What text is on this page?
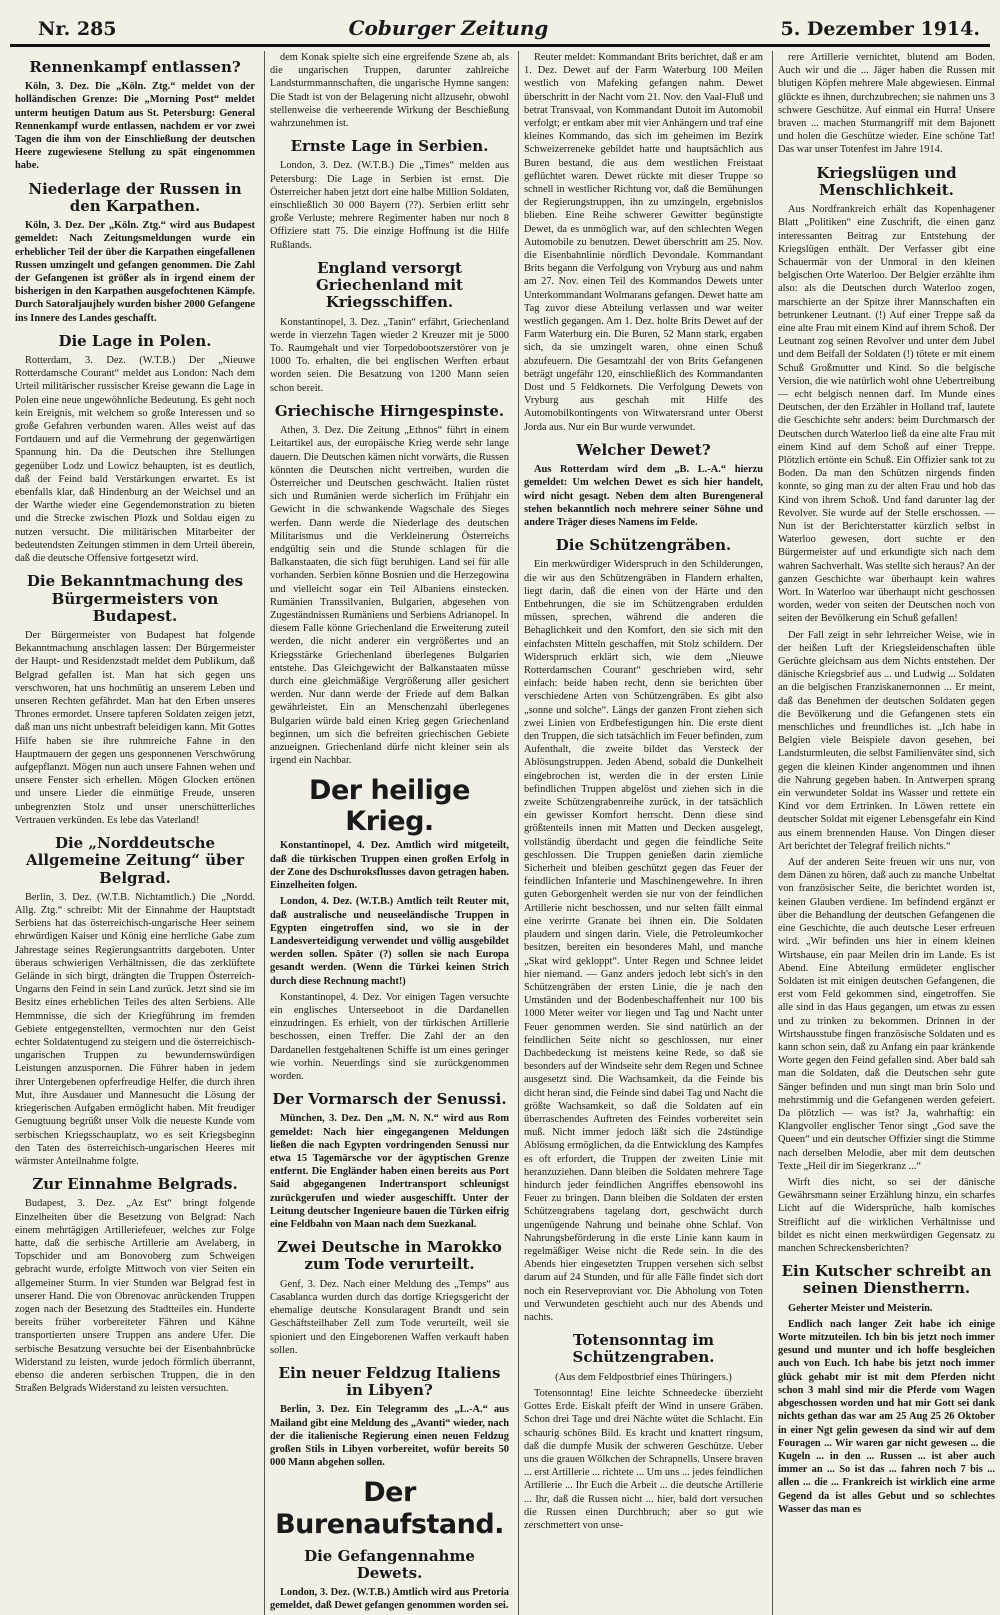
Nr. 285	Coburger Zeitung	5. Dezember 1914.
Rennenkampf entlassen?

Köln, 3. Dez. Die „Köln. Ztg.“ meldet von der holländischen Grenze: Die „Morning Post“ meldet unterm heutigen Datum aus St. Petersburg: General Rennenkampf wurde entlassen, nachdem er vor zwei Tagen die ihm von der Einschließung der deutschen Heere zugewiesene Stellung zu spät eingenommen habe.

Niederlage der Russen in den Karpathen.

Köln, 3. Dez. Der „Köln. Ztg.“ wird aus Budapest gemeldet: Nach Zeitungsmeldungen wurde ein erheblicher Teil der über die Karpathen eingefallenen Russen umzingelt und gefangen genommen. Die Zahl der Gefangenen ist größer als in irgend einem der bisherigen in den Karpathen ausgefochtenen Kämpfe. Durch Satoraljaujhely wurden bisher 2000 Gefangene ins Innere des Landes geschafft.

Die Lage in Polen.

Rotterdam, 3. Dez. (W.T.B.) Der „Nieuwe Rotterdamsche Courant“ meldet aus London: Nach dem Urteil militärischer russischer Kreise gewann die Lage in Polen eine neue ungewöhnliche Bedeutung. Es geht noch kein Ereignis, mit welchem so große Interessen und so große Gefahren verbunden waren. Alles weist auf das Fortdauern und auf die Vermehrung der gegenwärtigen Spannung hin. Da die Deutschen ihre Stellungen gegenüber Lodz und Lowicz behaupten, ist es deutlich, daß der Feind bald Verstärkungen erwartet. Es ist ebenfalls klar, daß Hindenburg an der Weichsel und an der Warthe wieder eine Gegendemonstration zu bieten und die Strecke zwischen Plozk und Soldau eigen zu nutzen versucht. Die militärischen Mitarbeiter der bedeutendsten Zeitungen stimmen in dem Urteil überein, daß die deutsche Offensive fortgesetzt wird.

Die Bekanntmachung des Bürgermeisters von Budapest.

Der Bürgermeister von Budapest hat folgende Bekanntmachung anschlagen lassen: Der Bürgermeister der Haupt- und Residenzstadt meldet dem Publikum, daß Belgrad gefallen ist. Man hat sich gegen uns verschworen, hat uns hochmütig an unserem Leben und unseren Rechten gefährdet. Man hat den Erben unseres Thrones ermordet. Unsere tapferen Soldaten zeigen jetzt, daß man uns nicht unbestraft beleidigen kann. Mit Gottes Hilfe haben sie ihre ruhmreiche Fahne in den Hauptmauern der gegen uns gesponnenen Verschwörung aufgepflanzt. Mögen nun auch unsere Fahnen wehen und unsere Fenster sich erhellen. Mögen Glocken ertönen und unsere Lieder die einmütige Freude, unseren unbegrenzten Stolz und unser unerschütterliches Vertrauen verkünden. Es lebe das Vaterland!

Die „Norddeutsche Allgemeine Zeitung“ über Belgrad.

Berlin, 3. Dez. (W.T.B. Nichtamtlich.) Die „Nordd. Allg. Ztg.“ schreibt: Mit der Einnahme der Hauptstadt Serbiens hat das österreichisch-ungarische Heer seinem ehrwürdigen Kaiser und König eine herrliche Gabe zum Jahrestage seines Regierungsantritts dargeboten. Unter überaus schwierigen Verhältnissen, die das zerklüftete Gelände in sich birgt, drängten die Truppen Österreich-Ungarns den Feind in sein Land zurück. Jetzt sind sie im Besitz eines erheblichen Teiles des alten Serbiens. Alle Hemmnisse, die sich der Kriegführung im fremden Gebiete entgegenstellten, vermochten nur den Geist echter Soldatentugend zu steigern und die österreichisch-ungarischen Truppen zu bewundernswürdigen Leistungen anzuspornen. Die Führer haben in jedem ihrer Untergebenen opferfreudige Helfer, die durch ihren Mut, ihre Ausdauer und Mannesucht die Lösung der kriegerischen Aufgaben ermöglicht haben. Mit freudiger Genugtuung begrüßt unser Volk die neueste Kunde vom serbischen Kriegsschauplatz, wo es seit Kriegsbeginn den Taten des österreichisch-ungarischen Heeres mit wärmster Anteilnahme folgte.

Zur Einnahme Belgrads.

Budapest, 3. Dez. „Az Est“ bringt folgende Einzelheiten über die Besetzung von Belgrad: Nach einem mehrtägigen Artilleriefeuer, welches zur Folge hatte, daß die serbische Artillerie am Avelaberg, in Topschider und am Bonovoberg zum Schweigen gebracht wurde, erfolgte Mittwoch von vier Seiten ein allgemeiner Sturm. In vier Stunden war Belgrad fest in unserer Hand. Die von Obrenovac anrückenden Truppen zogen nach der Besetzung des Stadtteiles ein. Hunderte bereits früher vorbereiteter Fähren und Kähne transportierten unsere Truppen ans andere Ufer. Die serbische Besatzung versuchte bei der Eisenbahnbrücke Widerstand zu leisten, wurde jedoch förmlich überrannt, ebenso die anderen serbischen Truppen, die in den Straßen Belgrads Widerstand zu leisten versuchten.

dem Konak spielte sich eine ergreifende Szene ab, als die ungarischen Truppen, darunter zahlreiche Landsturmmannschaften, die ungarische Hymne sangen: Die Stadt ist von der Belagerung nicht allzusehr, obwohl stellenweise die verheerende Wirkung der Beschießung wahrzunehmen ist.

Ernste Lage in Serbien.

London, 3. Dez. (W.T.B.) Die „Times“ melden aus Petersburg: Die Lage in Serbien ist ernst. Die Österreicher haben jetzt dort eine halbe Million Soldaten, einschließlich 30 000 Bayern (??). Serbien erlitt sehr große Verluste; mehrere Regimenter haben nur noch 8 Offiziere statt 75. Die einzige Hoffnung ist die Hilfe Rußlands.

England versorgt Griechenland mit Kriegsschiffen.

Konstantinopel, 3. Dez. „Tanin“ erfährt, Griechenland werde in vierzehn Tagen wieder 2 Kreuzer mit je 5000 To. Raumgehalt und vier Torpedobootszerstörer von je 1000 To. erhalten, die bei englischen Werften erbaut worden seien. Die Besatzung von 1200 Mann seien schon bereit.

Griechische Hirngespinste.

Athen, 3. Dez. Die Zeitung „Ethnos“ führt in einem Leitartikel aus, der europäische Krieg werde sehr lange dauern. Die Deutschen kämen nicht vorwärts, die Russen könnten die Deutschen nicht vertreiben, wurden die Österreicher und Deutschen geschwächt. Italien rüstet sich und Rumänien werde sicherlich im Frühjahr ein Gewicht in die schwankende Wagschale des Sieges werfen. Dann werde die Niederlage des deutschen Militarismus und die Verkleinerung Österreichs endgültig sein und die Stunde schlagen für die Balkanstaaten, die sich fügt beruhigen. Land sei für alle vorhanden. Serbien könne Bosnien und die Herzegowina und vielleicht sogar ein Teil Albaniens einstecken. Rumänien Transsilvanien, Bulgarien, abgesehen von Zugeständnissen Rumäniens und Serbiens Adrianopel. In diesem Falle könne Griechenland die Erweiterung zuteil werden, die nicht anderer ein vergrößertes und an Kriegsstärke Griechenland überlegenes Bulgarien entstehe. Das Gleichgewicht der Balkanstaaten müsse durch eine gleichmäßige Vergrößerung aller gesichert werden. Nur dann werde der Friede auf dem Balkan gewährleistet. Ein an Menschenzahl überlegenes Bulgarien würde bald einen Krieg gegen Griechenland beginnen, um sich die befreiten griechischen Gebiete anzueignen. Griechenland dürfe nicht kleiner sein als irgend ein Nachbar.

Der heilige Krieg.

Konstantinopel, 4. Dez. Amtlich wird mitgeteilt, daß die türkischen Truppen einen großen Erfolg in der Zone des Dschuroksflusses davon getragen haben. Einzelheiten folgen.

London, 4. Dez. (W.T.B.) Amtlich teilt Reuter mit, daß australische und neuseeländische Truppen in Egypten eingetroffen sind, wo sie in der Landesverteidigung verwendet und völlig ausgebildet werden sollen. Später (?) sollen sie nach Europa gesandt werden. (Wenn die Türkei keinen Strich durch diese Rechnung macht!)

Konstantinopel, 4. Dez. Vor einigen Tagen versuchte ein englisches Unterseeboot in die Dardanellen einzudringen. Es erhielt, von der türkischen Artillerie beschossen, einen Treffer. Die Zahl der an den Dardanellen festgehaltenen Schiffe ist um eines geringer wie vorhin. Neuerdings sind sie zurückgenommen worden.

Der Vormarsch der Senussi.

München, 3. Dez. Den „M. N. N.“ wird aus Rom gemeldet: Nach hier eingegangenen Meldungen ließen die nach Egypten vordringenden Senussi nur etwa 15 Tagemärsche vor der ägyptischen Grenze entfernt. Die Engländer haben einen bereits aus Port Said abgegangenen Indertransport schleunigst zurückgerufen und wieder ausgeschifft. Unter der Leitung deutscher Ingenieure bauen die Türken eifrig eine Feldbahn von Maan nach dem Suezkanal.

Zwei Deutsche in Marokko zum Tode verurteilt.

Genf, 3. Dez. Nach einer Meldung des „Temps“ aus Casablanca wurden durch das dortige Kriegsgericht der ehemalige deutsche Konsularagent Brandt und sein Geschäftsteilhaber Zell zum Tode verurteilt, weil sie spioniert und den Eingeborenen Waffen verkauft haben sollen.

Ein neuer Feldzug Italiens in Libyen?

Berlin, 3. Dez. Ein Telegramm des „L.-A.“ aus Mailand gibt eine Meldung des „Avanti“ wieder, nach der die italienische Regierung einen neuen Feldzug großen Stils in Libyen vorbereitet, wofür bereits 50 000 Mann abgehen sollen.

Der Burenaufstand.
Die Gefangennahme Dewets.

London, 3. Dez. (W.T.B.) Amtlich wird aus Pretoria gemeldet, daß Dewet gefangen genommen worden sei.

Reuter meldet: Kommandant Brits berichtet, daß er am 1. Dez. Dewet auf der Farm Waterburg 100 Meilen westlich von Mafeking gefangen nahm. Dewet überschritt in der Nacht vom 21. Nov. den Vaal-Fluß und betrat Transvaal, von Kommandant Dutoit im Automobil verfolgt; er entkam aber mit vier Anhängern und traf eine kleines Kommando, das sich im geheimen im Bezirk Schweizerreneke gebildet hatte und hauptsächlich aus Buren bestand, die aus dem westlichen Freistaat geflüchtet waren. Dewet rückte mit dieser Truppe so schnell in westlicher Richtung vor, daß die Bemühungen der Regierungstruppen, ihn zu umzingeln, ergebnislos blieben. Eine Reihe schwerer Gewitter begünstigte Dewet, da es unmöglich war, auf den schlechten Wegen Automobile zu benutzen. Dewet überschritt am 25. Nov. die Eisenbahnlinie nördlich Devondale. Kommandant Brits begann die Verfolgung von Vryburg aus und nahm am 27. Nov. einen Teil des Kommandos Dewets unter Unterkommandant Wolmarans gefangen. Dewet hatte am Tag zuvor diese Abteilung verlassen und war weiter westlich gegangen. Am 1. Dez. holte Brits Dewet auf der Farm Waterburg ein. Die Buren, 52 Mann stark, ergaben sich, da sie umzingelt waren, ohne einen Schuß abzufeuern. Die Gesamtzahl der von Brits Gefangenen beträgt ungefähr 120, einschließlich des Kommandanten Dost und 5 Feldkornets. Die Verfolgung Dewets von Vryburg aus geschah mit Hilfe des Automobilkontingents von Witwatersrand unter Oberst Jorda aus. Nur ein Bur wurde verwundet.

Welcher Dewet?

Aus Rotterdam wird dem „B. L.-A.“ hierzu gemeldet: Um welchen Dewet es sich hier handelt, wird nicht gesagt. Neben dem alten Burengeneral stehen bekanntlich noch mehrere seiner Söhne und andere Träger dieses Namens im Felde.

Die Schützengräben.

Ein merkwürdiger Widerspruch in den Schilderungen, die wir aus den Schützengräben in Flandern erhalten, liegt darin, daß die einen von der Härte und den Entbehrungen, die sie im Schützengraben erdulden müssen, sprechen, während die anderen die Behaglichkeit und den Komfort, den sie sich mit den einfachsten Mitteln geschaffen, mit Stolz schildern. Der Widerspruch erklärt sich, wie dem „Nieuwe Rotterdamschen Courant“ geschrieben wird, sehr einfach: beide haben recht, denn sie berichten über verschiedene Arten von Schützengräben. Es gibt also „sonne und solche“. Längs der ganzen Front ziehen sich zwei Linien von Erdbefestigungen hin. Die erste dient den Truppen, die sich tatsächlich im Feuer befinden, zum Aufenthalt, die zweite bildet das Versteck der Ablösungstruppen. Jeden Abend, sobald die Dunkelheit eingebrochen ist, werden die in der ersten Linie befindlichen Truppen abgelöst und ziehen sich in die zweite Schützengrabenreihe zurück, in der tatsächlich ein gewisser Komfort herrscht. Denn diese sind größtenteils innen mit Matten und Decken ausgelegt, vollständig überdacht und gegen die feindliche Seite geschlossen. Die Truppen genießen darin ziemliche Sicherheit und bleiben geschützt gegen das Feuer der feindlichen Infanterie und Maschinengewehre. In ihren guten Geborgenheit werden sie nur von der feindlichen Artillerie nicht beschossen, und nur selten fällt einmal eine verirrte Granate bei ihnen ein. Die Soldaten plaudern und singen darin. Viele, die Petroleumkocher besitzen, bereiten ein besonderes Mahl, und manche „Skat wird gekloppt“. Unter Regen und Schnee leidet hier niemand. — Ganz anders jedoch lebt sich's in den Schützengräben der ersten Linie, die je nach den Umständen und der Bodenbeschaffenheit nur 100 bis 1000 Meter weiter vor liegen und Tag und Nacht unter Feuer genommen werden. Sie sind natürlich an der feindlichen Seite nicht so geschlossen, nur einer Dachbedeckung ist meistens keine Rede, so daß sie besonders auf der Windseite sehr dem Regen und Schnee ausgesetzt sind. Die Wachsamkeit, da die Feinde bis dicht heran sind, die Feinde sind dabei Tag und Nacht die größte Wachsamkeit, so daß die Soldaten auf ein überraschendes Auftreten des Feindes vorbereitet sein muß. Nicht immer jedoch läßt sich die 24stündige Ablösung ermöglichen, da die Entwicklung des Kampfes es oft erfordert, die Truppen der zweiten Linie mit heranzuziehen. Dann bleiben die Soldaten mehrere Tage hindurch jeder feindlichen Angriffes ebensowohl ins Feuer zu bringen. Dann bleiben die Soldaten der ersten Schützengrabens tagelang dort, geschwächt durch ungenügende Nahrung und beinahe ohne Schlaf. Von Nahrungsbeförderung in die erste Linie kann kaum in regelmäßiger Weise nicht die Rede sein. In die des Abends hier eingesetzten Truppen versehen sich selbst darum auf 24 Stunden, und für alle Fälle findet sich dort noch ein Reserveproviant vor. Die Abholung von Toten und Verwundeten geschieht auch nur des Abends und nachts.

Totensonntag im Schützengraben.

(Aus dem Feldpostbrief eines Thüringers.)

Totensonntag! Eine leichte Schneedecke überzieht Gottes Erde. Eiskalt pfeift der Wind in unsere Gräben. Schon drei Tage und drei Nächte wütet die Schlacht. Ein schaurig schönes Bild. Es kracht und knattert ringsum, daß die dumpfe Musik der schweren Geschütze. Ueber uns die grauen Wölkchen der Schrapnells. Unsere braven ... erst Artillerie ... richtete ... Um uns ... jedes feindlichen Artillerie ... Ihr Euch die Arbeit ... die deutsche Artillerie ... Ihr, daß die Russen nicht ... hier, bald dort versuchen die Russen einen Durchbruch; aber so gut wie zerschmettert von unse-

rere Artillerie vernichtet, blutend am Boden. Auch wir und die ... Jäger haben die Russen mit blutigen Köpfen mehrere Male abgewiesen. Einmal glückte es ihnen, durchzubrechen; sie nahmen uns 3 schwere Geschütze. Auf einmal ein Hurra! Unsere braven ... machen Sturmangriff mit dem Bajonett und holen die Geschütze wieder. Eine schöne Tat! Das war unser Totenfest im Jahre 1914.

Kriegslügen und Menschlichkeit.

Aus Nordfrankreich erhält das Kopenhagener Blatt „Politiken“ eine Zuschrift, die einen ganz interessanten Beitrag zur Entstehung der Kriegslügen enthält. Der Verfasser gibt eine Schauermär von der Unmoral in den kleinen belgischen Orte Waterloo. Der Belgier erzählte ihm also: als die Deutschen durch Waterloo zogen, marschierte an der Spitze ihrer Mannschaften ein betrunkener Leutnant. (!) Auf einer Treppe saß da eine alte Frau mit einem Kind auf ihrem Schoß. Der Leutnant zog seinen Revolver und unter dem Jubel und dem Beifall der Soldaten (!) tötete er mit einem Schuß Großmutter und Kind. So die belgische Version, die wie natürlich wohl ohne Uebertreibung — echt belgisch nennen darf. Im Munde eines Deutschen, der den Erzähler in Holland traf, lautete die Geschichte sehr anders: beim Durchmarsch der Deutschen durch Waterloo ließ da eine alte Frau mit einem Kind auf dem Schoß auf einer Treppe. Plötzlich ertönte ein Schuß. Ein Offizier sank tot zu Boden. Da man den Schützen nirgends finden konnte, so ging man zu der alten Frau und hob das Kind von ihrem Schoß. Und fand darunter lag der Revolver. Sie wurde auf der Stelle erschossen. — Nun ist der Berichterstatter kürzlich selbst in Waterloo gewesen, dort suchte er den Bürgermeister auf und erkundigte sich nach dem wahren Sachverhalt. Was stellte sich heraus? An der ganzen Geschichte war überhaupt kein wahres Wort. In Waterloo war überhaupt nicht geschossen worden, weder von seiten der Deutschen noch von seiten der Bevölkerung ein Schuß gefallen!

Der Fall zeigt in sehr lehrreicher Weise, wie in der heißen Luft der Kriegsleidenschaften üble Gerüchte gleichsam aus dem Nichts entstehen. Der dänische Kriegsbrief aus ... und Ludwig ... Soldaten an die belgischen Franziskanernonnen ... Er meint, daß das Benehmen der deutschen Soldaten gegen die Bevölkerung und die Gefangenen stets ein menschliches und freundliches ist. „Ich habe in Belgien viele Beispiele davon gesehen, bei Landsturmleuten, die selbst Familienväter sind, sich gegen die kleinen Kinder angenommen und ihnen die Nahrung gegeben haben. In Antwerpen sprang ein verwundeter Soldat ins Wasser und rettete ein Kind vor dem Ertrinken. In Löwen rettete ein deutscher Soldat mit eigener Lebensgefahr ein Kind aus einem brennenden Hause. Von Dingen dieser Art berichtet der Telegraf freilich nichts.“

Auf der anderen Seite freuen wir uns nur, von dem Dänen zu hören, daß auch zu manche Unbeltat von französischer Seite, die berichtet worden ist, keinen Glauben verdiene. Im befindend ergänzt er über die Behandlung der deutschen Gefangenen die eine Geschichte, die auch deutsche Leser erfreuen wird. „Wir befinden uns hier in einem kleinen Wirtshause, ein paar Meilen drin im Lande. Es ist Abend. Eine Abteilung ermüdeter englischer Soldaten ist mit einigen deutschen Gefangenen, die erst vom Feld gekommen sind, eingetroffen. Sie alle sind in das Haus gegangen, um etwas zu essen und zu trinken zu bekommen. Drinnen in der Wirtshausstube fingen französische Soldaten und es kann schon sein, daß zu Anfang ein paar kränkende Worte gegen den Feind gefallen sind. Aber bald sah man die Soldaten, daß die Deutschen sehr gute Sänger befinden und nun singt man brin Solo und mehrstimmig und die Gefangenen werden gefeiert. Da plötzlich — was ist? Ja, wahrhaftig: ein Klangvoller englischer Tenor singt „God save the Queen“ und ein deutscher Offizier singt die Stimme nach derselben Melodie, aber mit dem deutschen Texte „Heil dir im Siegerkranz ...“

Wirft dies nicht, so sei der dänische Gewährsmann seiner Erzählung hinzu, ein scharfes Licht auf die Widersprüche, halb komisches Streiflicht auf die wirklichen Verhältnisse und bildet es nicht einen merkwürdigen Gegensatz zu manchen Schreckensberichten?

Ein Kutscher schreibt an seinen Dienstherrn.

Geherter Meister und Meisterin.

Endlich nach langer Zeit habe ich einige Worte mitzuteilen. Ich bin bis jetzt noch immer gesund und munter und ich hoffe besgleichen auch von Euch. Ich habe bis jetzt noch immer glück gehabt mir ist mit dem Pferden nicht schon 3 mahl sind mir die Pferde vom Wagen abgeschossen worden und hat mir Gott sei dank nichts gethan das war am 25 Aug 25 26 Oktober in einer Ngt gelin gewesen da sind wir auf dem Fouragen ... Wir waren gar nicht gewesen ... die Kugeln ... in den ... Russen ... ist aber auch immer an ... So ist das ... fahren noch 7 bis ... allen ... die ... Frankreich ist wirklich eine arme Gegend da ist alles Gebut und so schlechtes Wasser das man es
